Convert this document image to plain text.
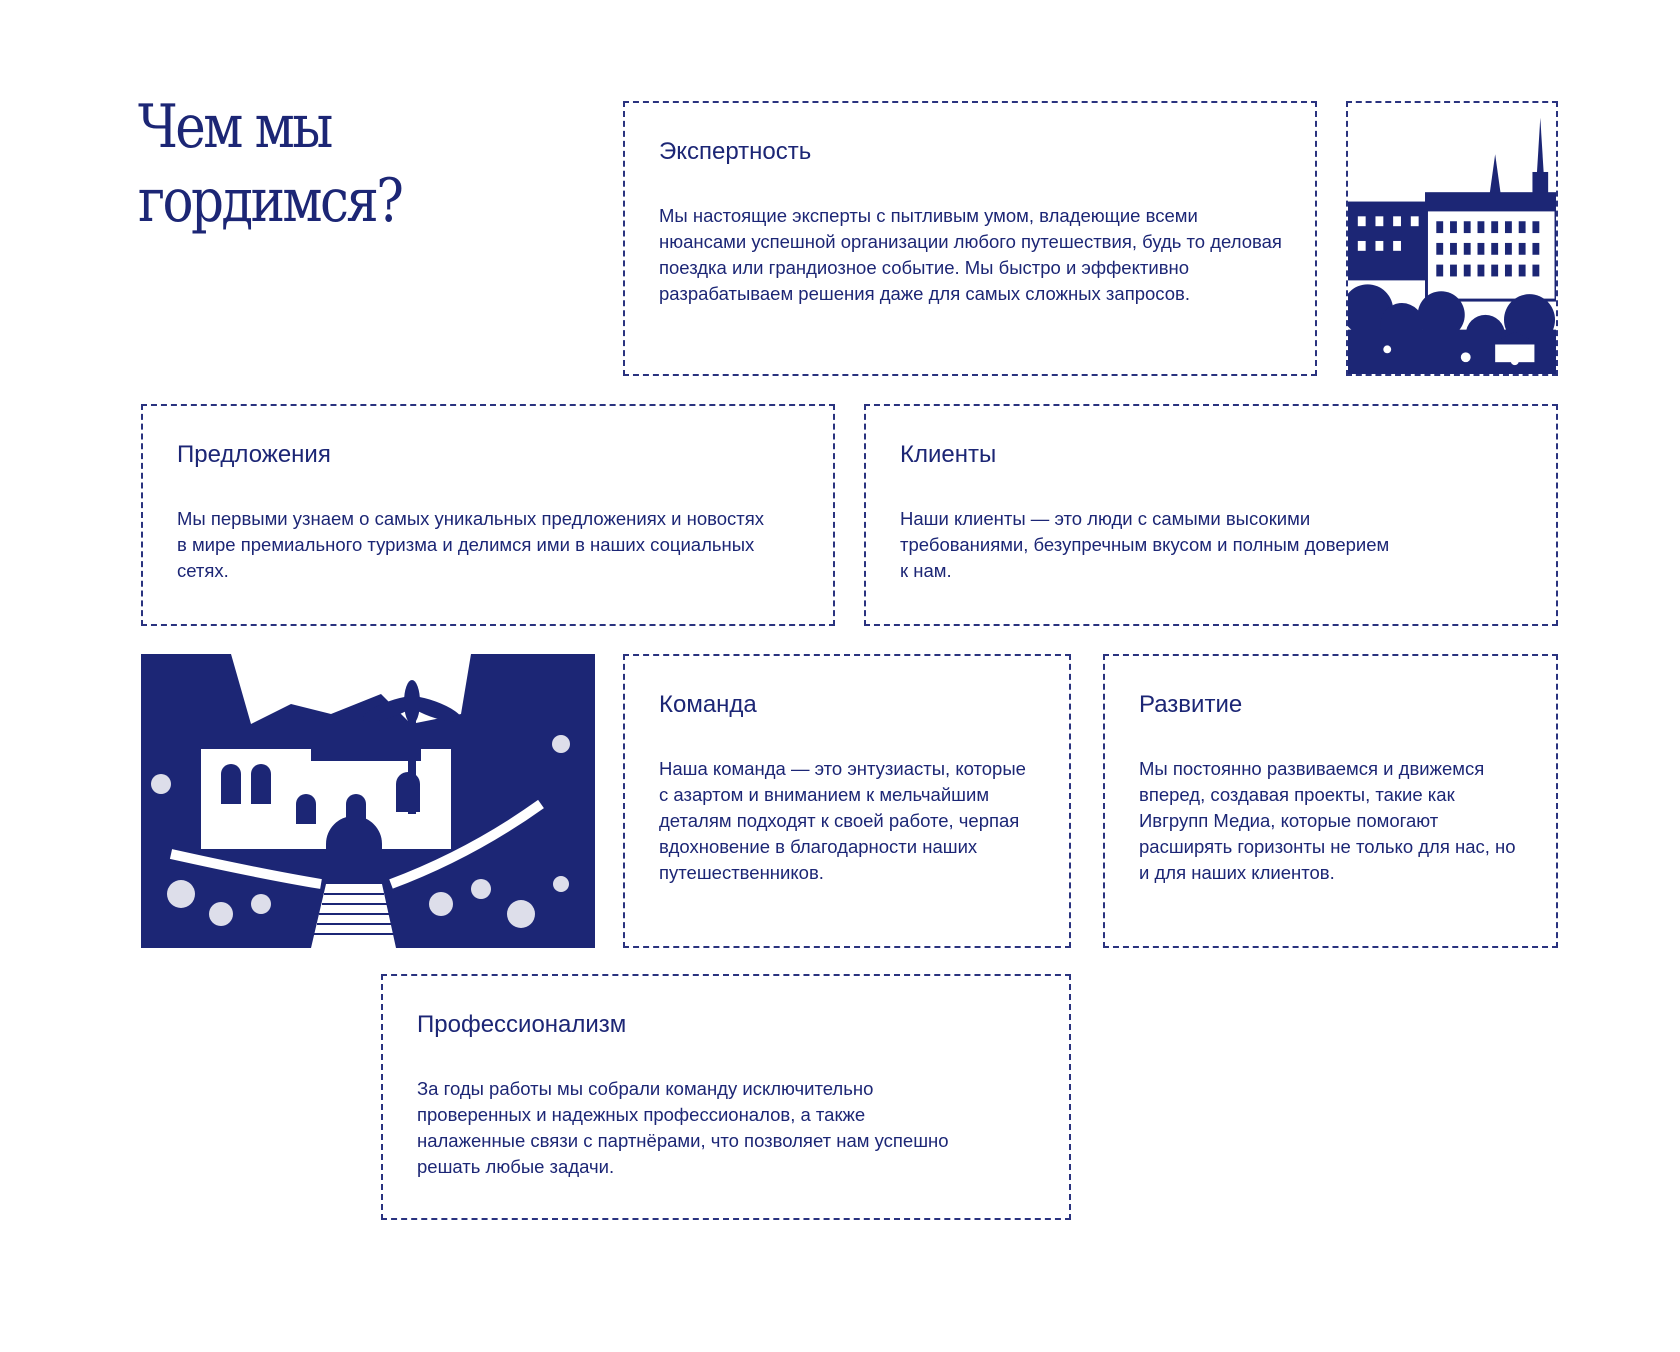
Чем мы
гордимся?
Экспертность

Мы настоящие эксперты с пытливым умом, владеющие всеми нюансами успешной организации любого путешествия, будь то деловая поездка или грандиозное событие. Мы быстро и эффективно разрабатываем решения даже для самых сложных запросов.

Предложения

Мы первыми узнаем о самых уникальных предложениях и новостях в мире премиального туризма и делимся ими в наших социальных сетях.

Клиенты

Наши клиенты — это люди с самыми высокими требованиями, безупречным вкусом и полным доверием к нам.

Команда

Наша команда — это энтузиасты, которые с азартом и вниманием к мельчайшим деталям подходят к своей работе, черпая вдохновение в благодарности наших путешественников.

Развитие

Мы постоянно развиваемся и движемся вперед, создавая проекты, такие как Ивгрупп Медиа, которые помогают расширять горизонты не только для нас, но и для наших клиентов.

Профессионализм

За годы работы мы собрали команду исключительно проверенных и надежных профессионалов, а также налаженные связи с партнёрами, что позволяет нам успешно решать любые задачи.
